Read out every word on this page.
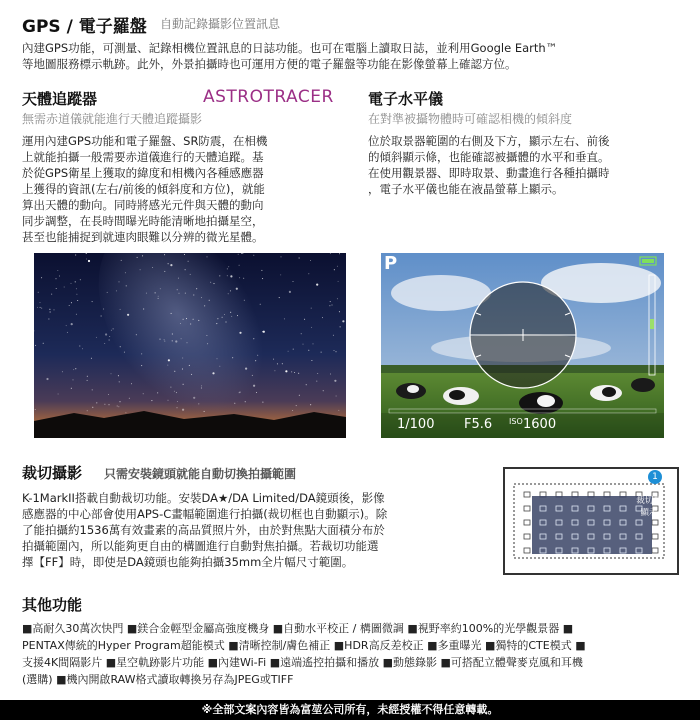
GPS / 電子羅盤 自動記錄攝影位置訊息
內建GPS功能，可測量、記錄相機位置訊息的日誌功能。也可在電腦上讀取日誌，並利用Google Earth™
等地圖服務標示軌跡。此外，外景拍攝時也可運用方便的電子羅盤等功能在影像螢幕上確認方位。
天體追蹤器	ASTROTRACER
無需赤道儀就能進行天體追蹤攝影
運用內建GPS功能和電子羅盤、SR防震，在相機
上就能拍攝一般需要赤道儀進行的天體追蹤。基
於從GPS衛星上獲取的緯度和相機內各種感應器
上獲得的資訊(左右/前後的傾斜度和方位)，就能
算出天體的動向。同時將感光元件與天體的動向
同步調整，在長時間曝光時能清晰地拍攝星空，
甚至也能捕捉到就連肉眼難以分辨的微光星體。
電子水平儀
在對準被攝物體時可確認相機的傾斜度
位於取景器範圍的右側及下方，顯示左右、前後
的傾斜顯示條，也能確認被攝體的水平和垂直。
在使用觀景器、即時取景、動畫進行各種拍攝時
，電子水平儀也能在液晶螢幕上顯示。
P
1/100 F5.6 ISO 1600
裁切攝影 只需安裝鏡頭就能自動切換拍攝範圍
K-1MarkII搭載自動裁切功能。安裝DA★/DA Limited/DA鏡頭後，影像
感應器的中心部會使用APS-C畫幅範圍進行拍攝(裁切框也自動顯示)。除
了能拍攝約1536萬有效畫素的高品質照片外，由於對焦點大面積分布於
拍攝範圍內，所以能夠更自由的構圖進行自動對焦拍攝。若裁切功能選
擇【FF】時，即使是DA鏡頭也能夠拍攝35mm全片幅尺寸範圍。
1
裁切框
顯示
其他功能
■高耐久30萬次快門 ■鎂合金輕型金屬高強度機身 ■自動水平校正 / 構圖微調 ■視野率約100%的光學觀景器 ■
PENTAX傳統的Hyper Program超能模式 ■清晰控制/膚色補正 ■HDR高反差校正 ■多重曝光 ■獨特的CTE模式 ■
支援4K間隔影片 ■星空軌跡影片功能 ■內建Wi-Fi ■遠端遙控拍攝和播放 ■動態錄影 ■可搭配立體聲麥克風和耳機
(選購) ■機內開啟RAW格式讀取轉換另存為JPEG或TIFF
※全部文案內容皆為富堃公司所有，未經授權不得任意轉載。
